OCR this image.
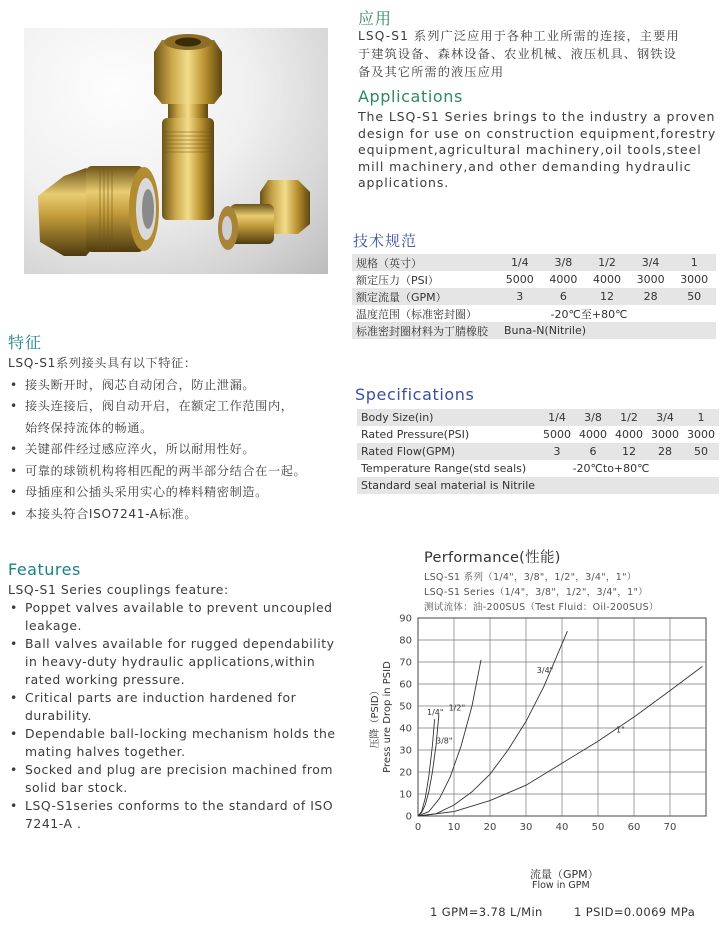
应用
LSQ-S1 系列广泛应用于各种工业所需的连接，主要用
于建筑设备、森林设备、农业机械、液压机具、钢铁设
备及其它所需的液压应用
Applications
The LSQ-S1 Series brings to the industry a proven
design for use on construction equipment,forestry
equipment,agricultural machinery,oil tools,steel
mill machinery,and other demanding hydraulic
applications.
技术规范
规格（英寸）	1/4	3/8	1/2	3/4	1
额定压力（PSI）	5000	4000	4000	3000	3000
额定流量（GPM）	3	6	12	28	50
温度范围（标准密封圈）	-20℃至+80℃				
标准密封圈材料为丁腈橡胶	Buna-N(Nitrile)				
特征
LSQ-S1系列接头具有以下特征：
• 接头断开时，阀芯自动闭合，防止泄漏。
• 接头连接后，阀自动开启，在额定工作范围内，
始终保持流体的畅通。
• 关键部件经过感应淬火，所以耐用性好。
• 可靠的球锁机构将相匹配的两半部分结合在一起。
• 母插座和公插头采用实心的棒料精密制造。
• 本接头符合ISO7241-A标准。
Specifications
Body Size(in)	1/4	3/8	1/2	3/4	1
Rated Pressure(PSI)	5000	4000	4000	3000	3000
Rated Flow(GPM)	3	6	12	28	50
Temperature Range(std seals)	-20℃to+80℃				
Standard seal material is Nitrile					
Features
LSQ-S1 Series couplings feature:
• Poppet valves available to prevent uncoupled
leakage.
• Ball valves available for rugged dependability
in heavy-duty hydraulic applications,within
rated working pressure.
• Critical parts are induction hardened for
durability.
• Dependable ball-locking mechanism holds the
mating halves together.
• Socked and plug are precision machined from
solid bar stock.
• LSQ-S1series conforms to the standard of ISO
7241-A .
Performance(性能)
LSQ-S1 系列（1/4"，3/8"，1/2"，3/4"，1"）
LSQ-S1 Series（1/4"，3/8"，1/2"，3/4"，1"）
测试流体：油-200SUS（Test Fluid：Oil-200SUS）
0	10 20 30 40 50 60 70
0
10
20
30
40
50
60
70
80
90
1/4"
3/8"
1/2"
3/4"
1"
压降（PSID） Press ure Drop in PSID
流量（GPM）
Flow in GPM
1 GPM=3.78 L/Min	1 PSID=0.0069 MPa
